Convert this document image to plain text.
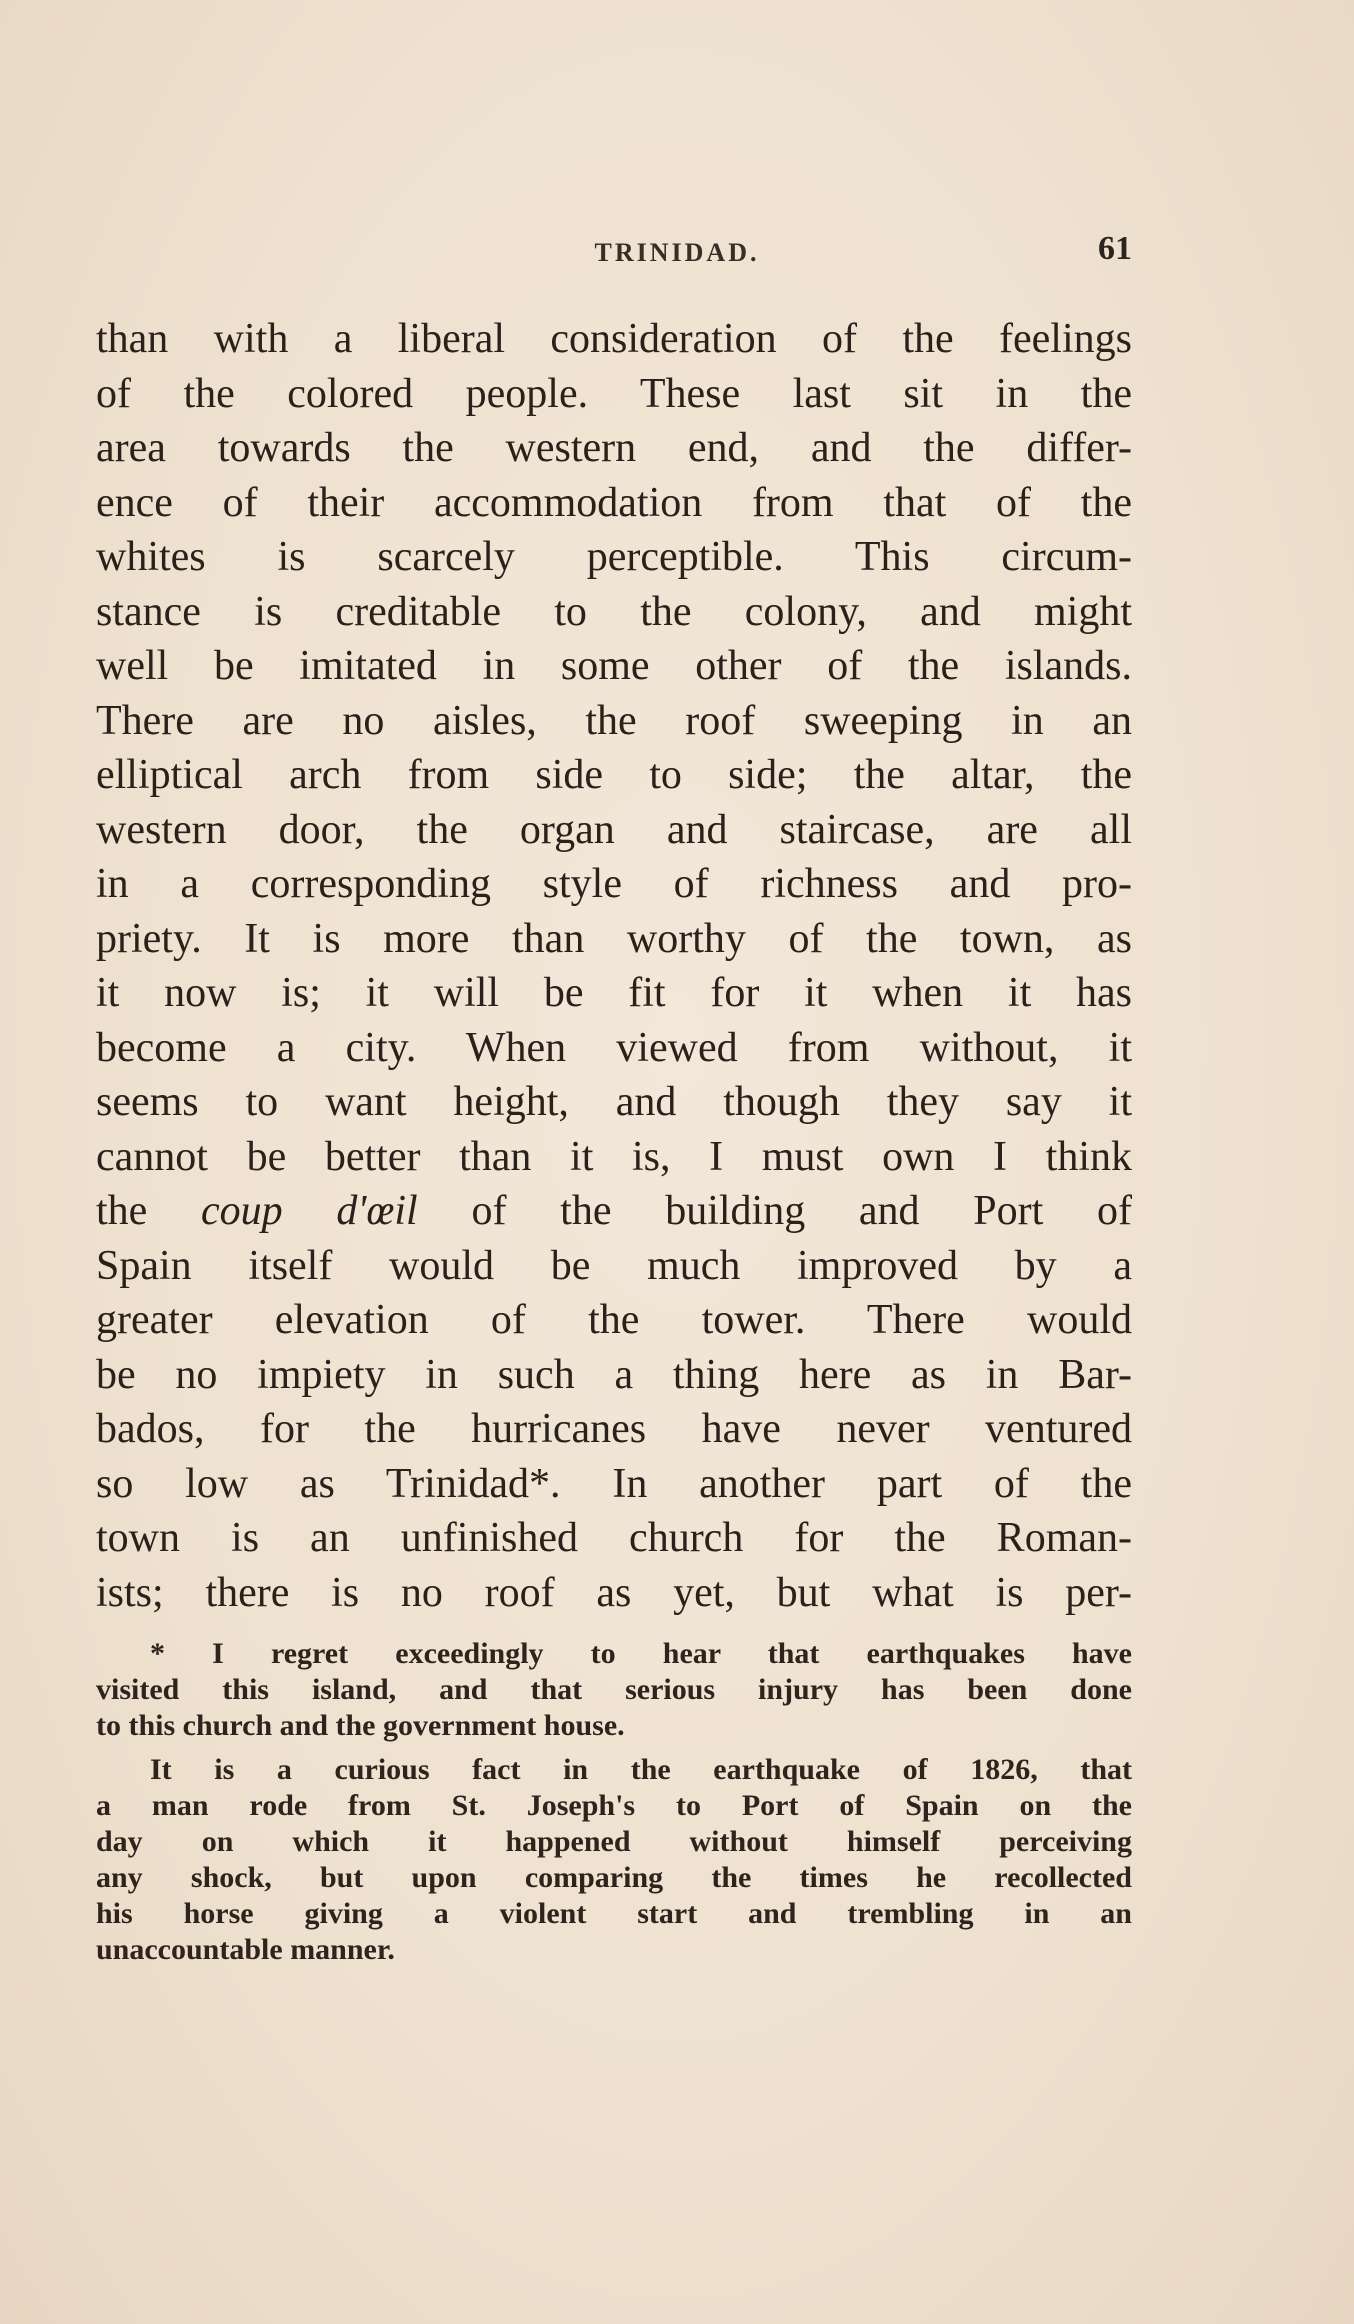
TRINIDAD.	61
than with a liberal consideration of the feelings
of the colored people. These last sit in the
area towards the western end, and the differ-
ence of their accommodation from that of the
whites is scarcely perceptible. This circum-
stance is creditable to the colony, and might
well be imitated in some other of the islands.
There are no aisles, the roof sweeping in an
elliptical arch from side to side; the altar, the
western door, the organ and staircase, are all
in a corresponding style of richness and pro-
priety. It is more than worthy of the town, as
it now is; it will be fit for it when it has
become a city. When viewed from without, it
seems to want height, and though they say it
cannot be better than it is, I must own I think
the coup d'œil of the building and Port of
Spain itself would be much improved by a
greater elevation of the tower. There would
be no impiety in such a thing here as in Bar-
bados, for the hurricanes have never ventured
so low as Trinidad*. In another part of the
town is an unfinished church for the Roman-
ists; there is no roof as yet, but what is per-
* I regret exceedingly to hear that earthquakes have
visited this island, and that serious injury has been done
to this church and the government house.
It is a curious fact in the earthquake of 1826, that
a man rode from St. Joseph's to Port of Spain on the
day on which it happened without himself perceiving
any shock, but upon comparing the times he recollected
his horse giving a violent start and trembling in an
unaccountable manner.
